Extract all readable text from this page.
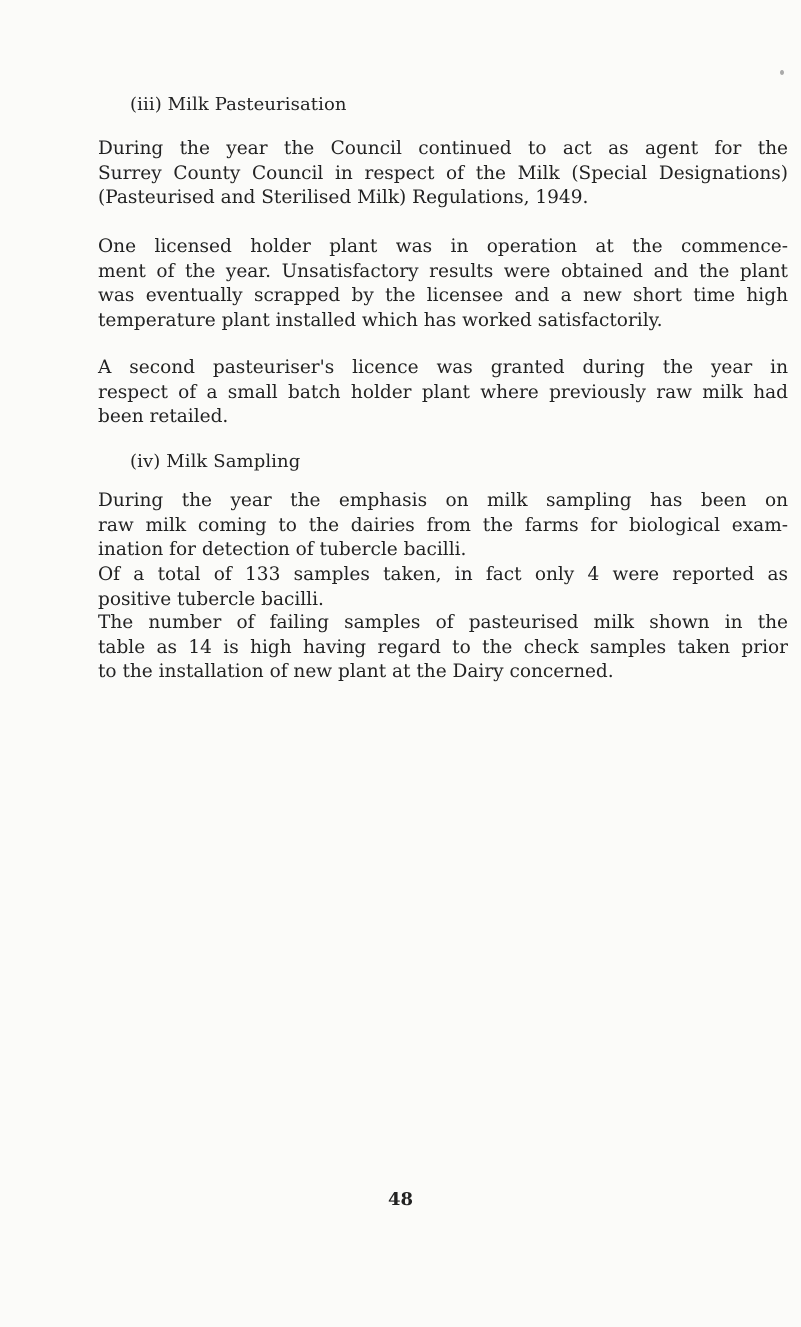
(iii) Milk Pasteurisation
During the year the Council continued to act as agent for the
Surrey County Council in respect of the Milk (Special Designations)
(Pasteurised and Sterilised Milk) Regulations, 1949.
One licensed holder plant was in operation at the commence-
ment of the year. Unsatisfactory results were obtained and the plant
was eventually scrapped by the licensee and a new short time high
temperature plant installed which has worked satisfactorily.
A second pasteuriser's licence was granted during the year in
respect of a small batch holder plant where previously raw milk had
been retailed.
(iv) Milk Sampling
During the year the emphasis on milk sampling has been on
raw milk coming to the dairies from the farms for biological exam-
ination for detection of tubercle bacilli.
Of a total of 133 samples taken, in fact only 4 were reported as
positive tubercle bacilli.
The number of failing samples of pasteurised milk shown in the
table as 14 is high having regard to the check samples taken prior
to the installation of new plant at the Dairy concerned.
48
